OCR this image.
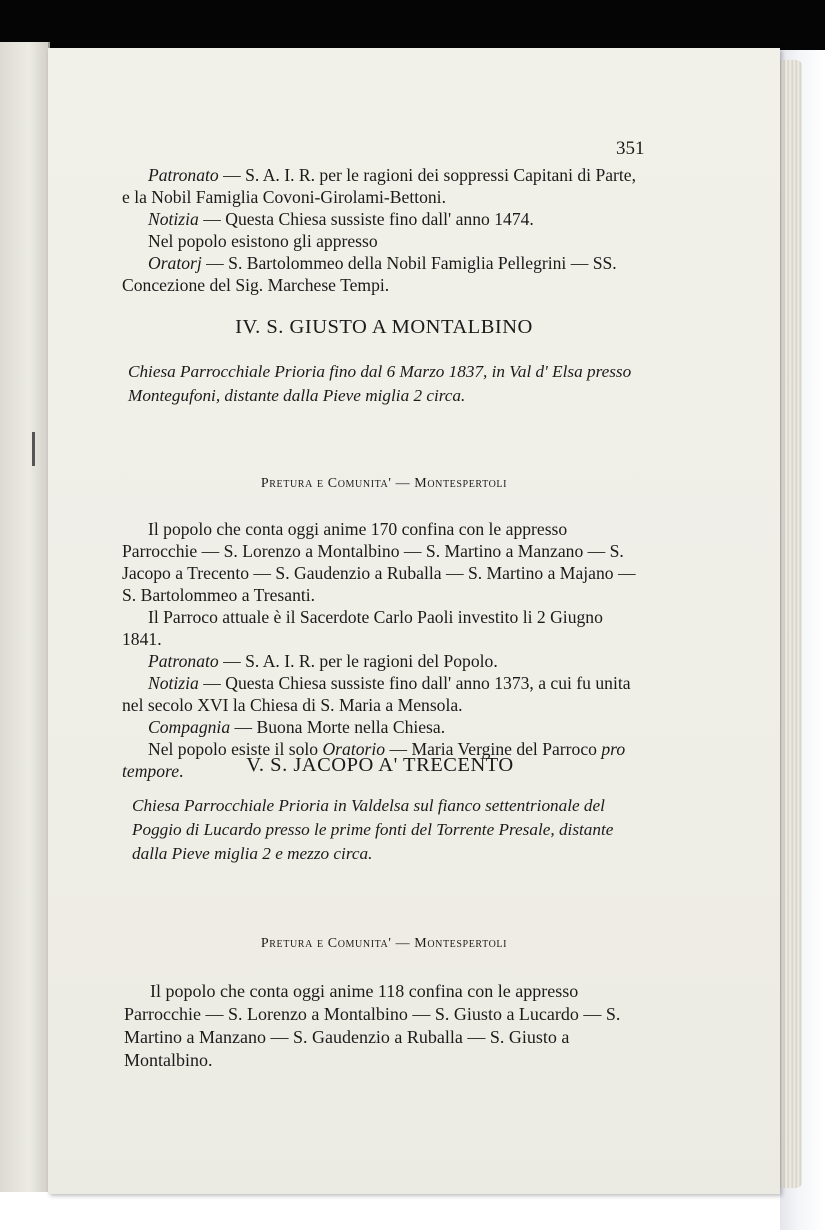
351
Patronato — S. A. I. R. per le ragioni dei soppressi Capitani di Parte, e la Nobil Famiglia Covoni-Girolami-Bettoni.
Notizia — Questa Chiesa sussiste fino dall' anno 1474.
Nel popolo esistono gli appresso
Oratorj — S. Bartolommeo della Nobil Famiglia Pellegrini — SS. Concezione del Sig. Marchese Tempi.
IV. S. GIUSTO A MONTALBINO

Chiesa Parrocchiale Prioria fino dal 6 Marzo 1837, in Val d' Elsa presso Montegufoni, distante dalla Pieve miglia 2 circa.

Pretura e Comunita' — Montespertoli
Il popolo che conta oggi anime 170 confina con le appresso Parrocchie — S. Lorenzo a Montalbino — S. Martino a Manzano — S. Jacopo a Trecento — S. Gaudenzio a Ruballa — S. Martino a Majano — S. Bartolommeo a Tresanti.
Il Parroco attuale è il Sacerdote Carlo Paoli investito li 2 Giugno 1841.
Patronato — S. A. I. R. per le ragioni del Popolo.
Notizia — Questa Chiesa sussiste fino dall' anno 1373, a cui fu unita nel secolo XVI la Chiesa di S. Maria a Mensola.
Compagnia — Buona Morte nella Chiesa.
Nel popolo esiste il solo Oratorio — Maria Vergine del Parroco pro tempore.	V. S. JACOPO A' TRECENTO

Chiesa Parrocchiale Prioria in Valdelsa sul fianco settentrionale del Poggio di Lucardo presso le prime fonti del Torrente Presale, distante dalla Pieve miglia 2 e mezzo circa.

Pretura e Comunita' — Montespertoli
Il popolo che conta oggi anime 118 confina con le appresso Parrocchie — S. Lorenzo a Montalbino — S. Giusto a Lucardo — S. Martino a Manzano — S. Gaudenzio a Ruballa — S. Giusto a Montalbino.
